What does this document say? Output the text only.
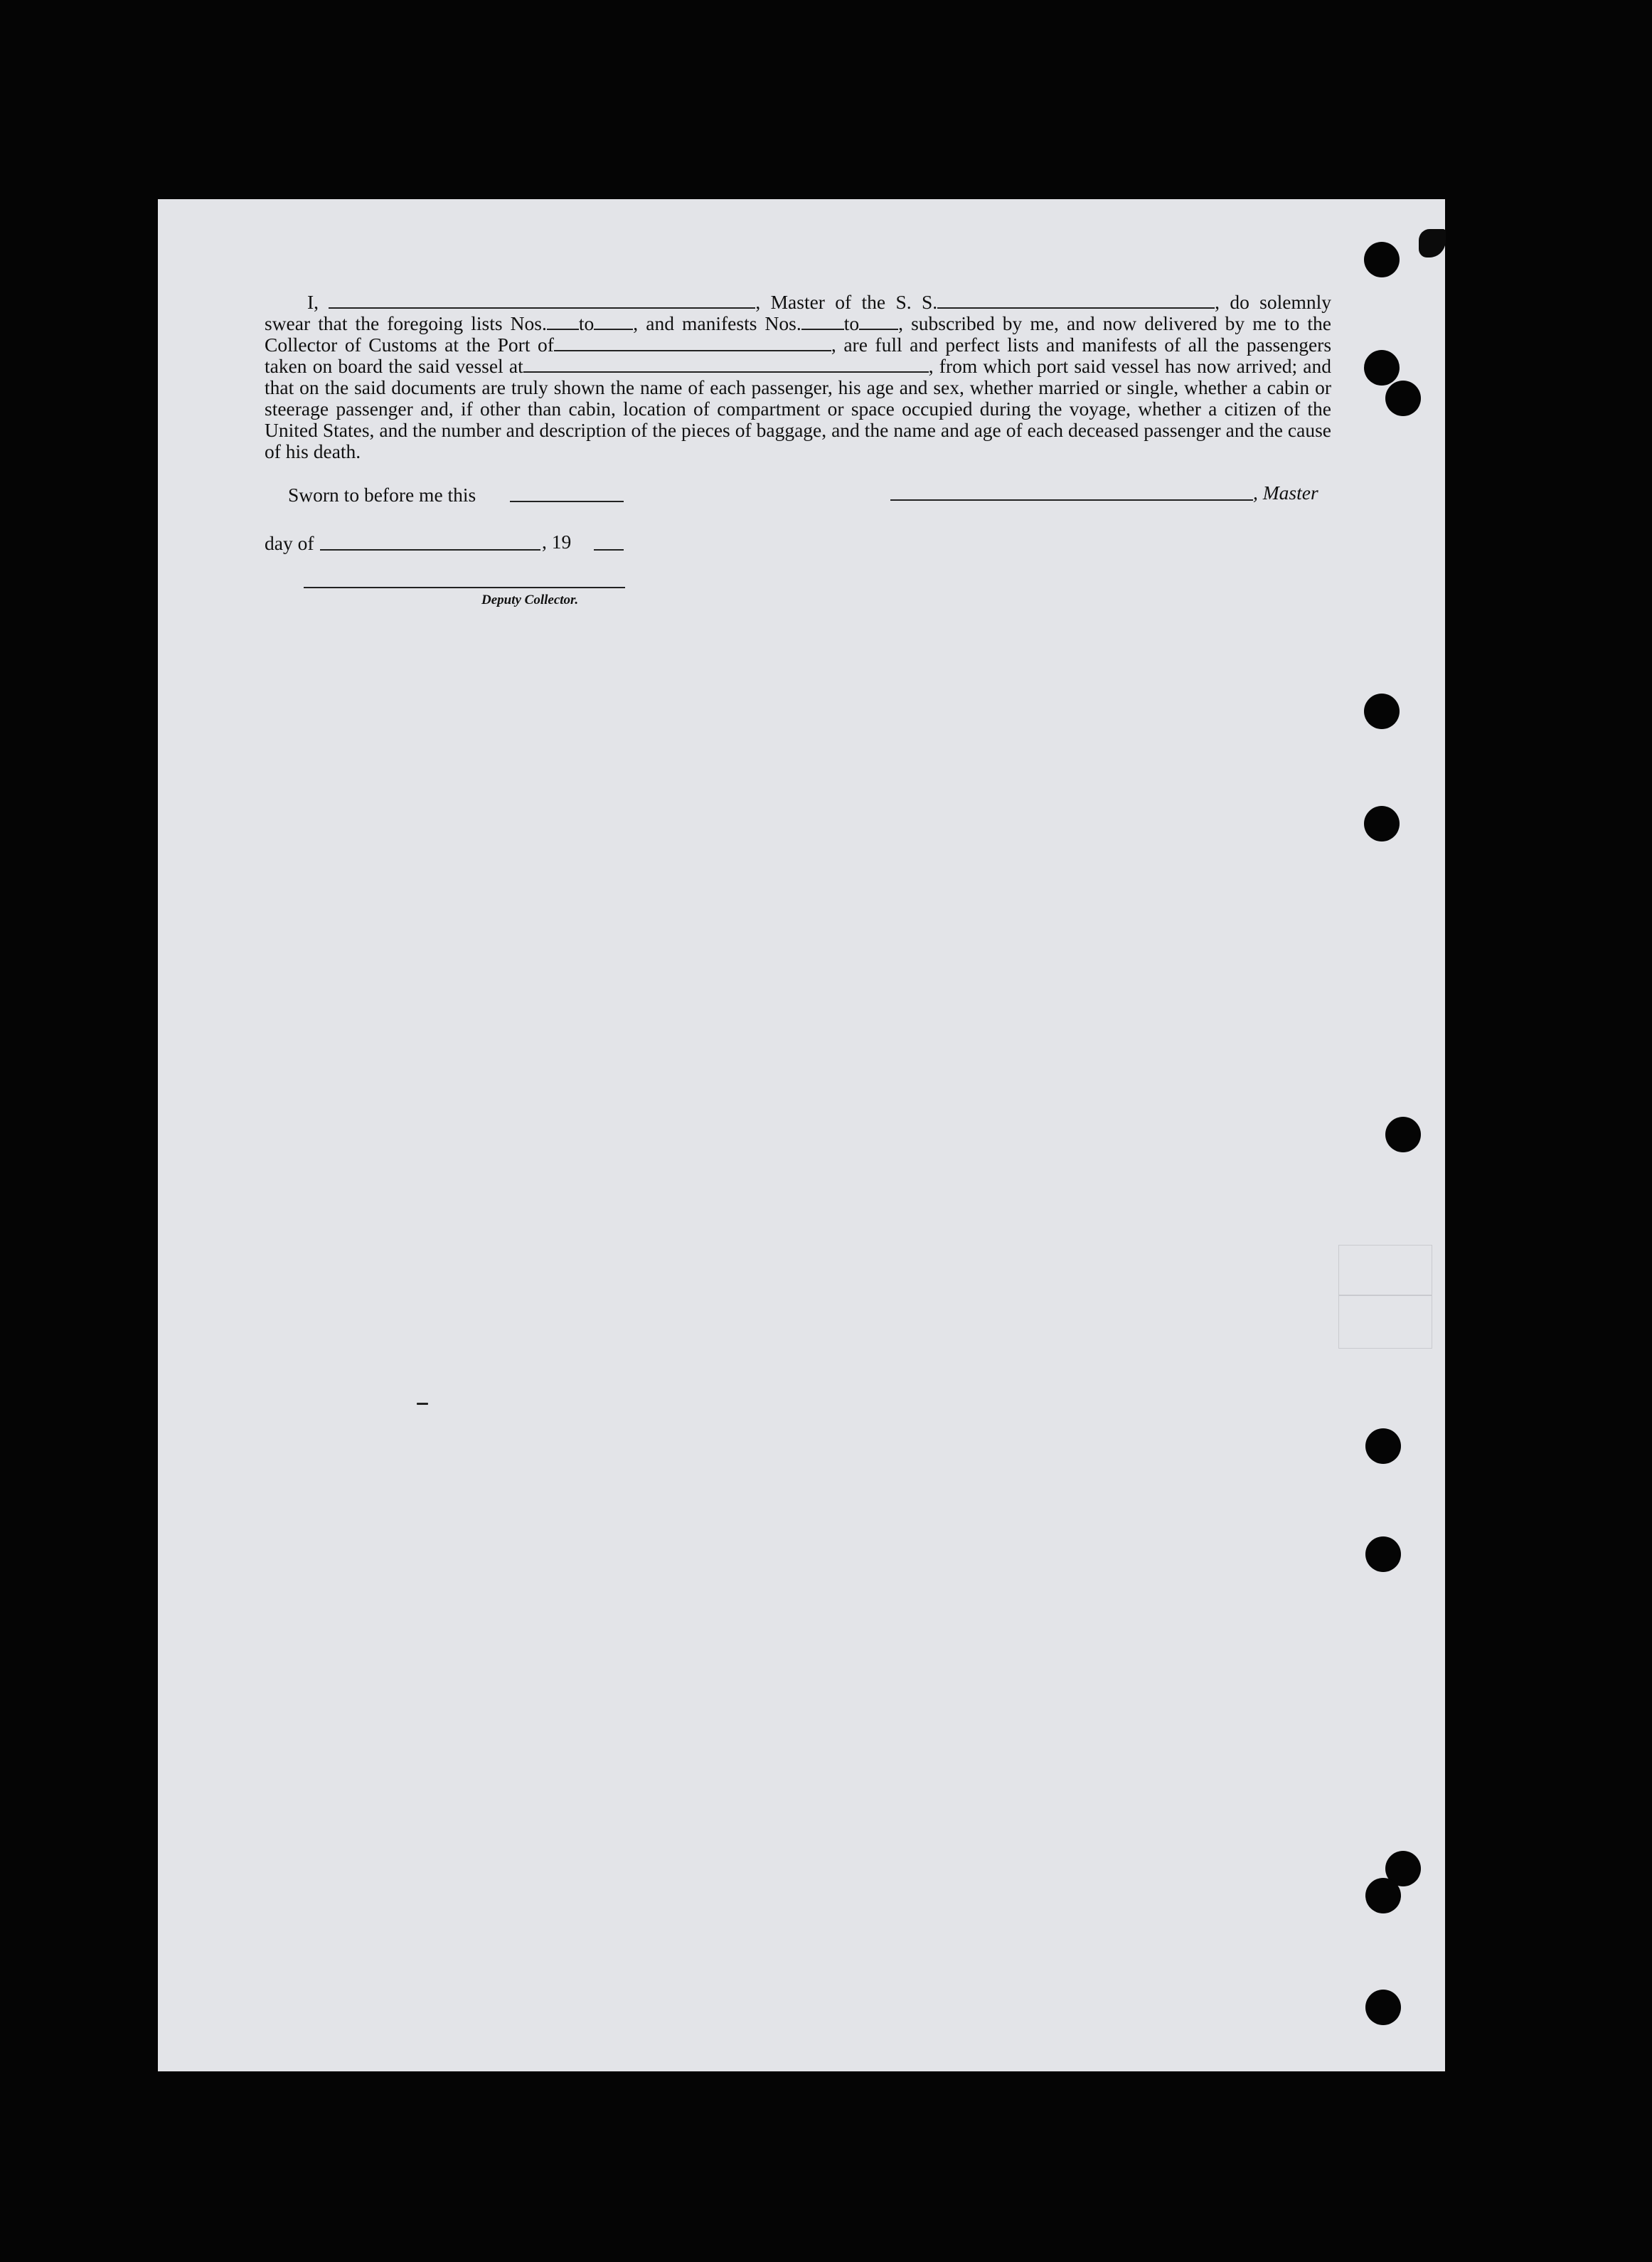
I,	, Master of the S. S.	, do solemnly swear that the foregoing lists Nos. to , and manifests Nos. to , subscribed by me, and now delivered by me to the Collector of Customs at the Port of	, are full and perfect lists and manifests of all the passengers taken on board the said vessel at	, from which port said vessel has now arrived; and that on the said documents are truly shown the name of each passenger, his age and sex, whether married or single, whether a cabin or steerage passenger and, if other than cabin, location of compartment or space occupied during the voyage, whether a citizen of the United States, and the number and description of the pieces of baggage, and the name and age of each deceased passenger and the cause of his death.

Sworn to before me this	, Master
day of	, 19
Deputy Collector.
